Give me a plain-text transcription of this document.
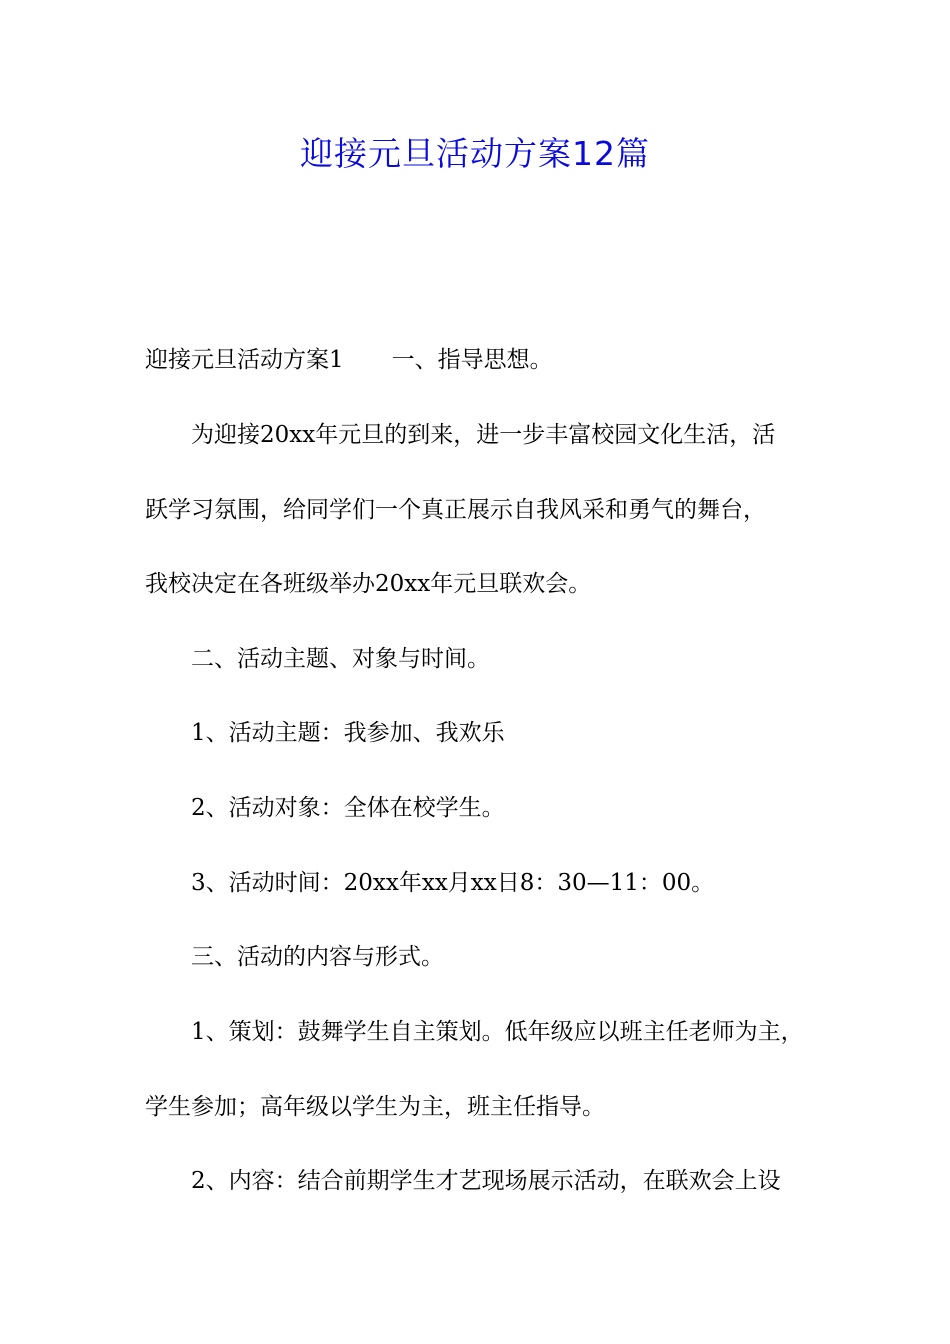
迎接元旦活动方案12篇

迎接元旦活动方案1 一、指导思想。

为迎接20xx年元旦的到来，进一步丰富校园文化生活，活

跃学习氛围，给同学们一个真正展示自我风采和勇气的舞台，

我校决定在各班级举办20xx年元旦联欢会。

二、活动主题、对象与时间。

1、活动主题：我参加、我欢乐

2、活动对象：全体在校学生。

3、活动时间：20xx年xx月xx日8：30—11：00。

三、活动的内容与形式。

1、策划：鼓舞学生自主策划。低年级应以班主任老师为主，

学生参加；高年级以学生为主，班主任指导。

2、内容：结合前期学生才艺现场展示活动，在联欢会上设
